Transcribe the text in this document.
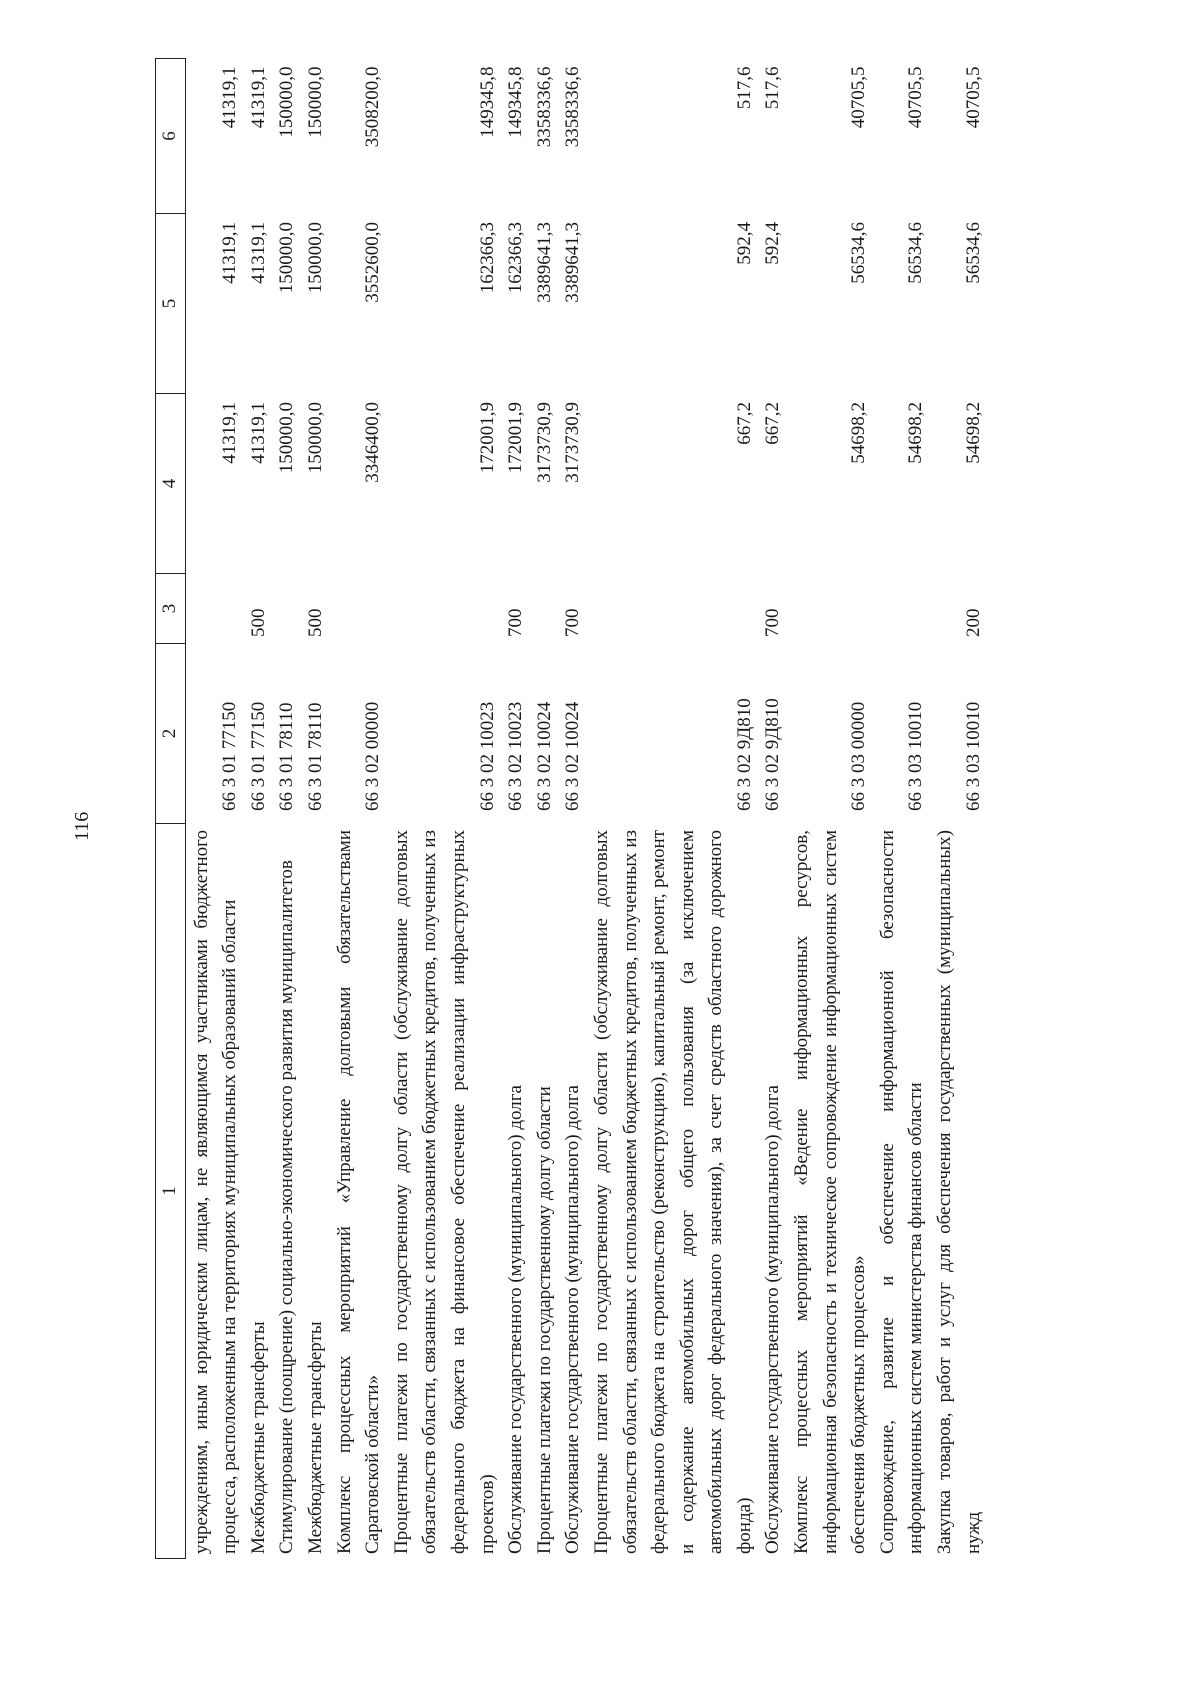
116
1	2	3	4	5	6
учреждениям, иным юридическим лицам, не являющимся участниками бюджетного процесса, расположенным на территориях муниципальных образований области	66 3 01 77150		41319,1	41319,1	41319,1
Межбюджетные трансферты	66 3 01 77150	500	41319,1	41319,1	41319,1
Стимулирование (поощрение) социально-экономического развития муниципалитетов	66 3 01 78110		150000,0	150000,0	150000,0
Межбюджетные трансферты	66 3 01 78110	500	150000,0	150000,0	150000,0
Комплекс процессных мероприятий «Управление долговыми обязательствами Саратовской области»	66 3 02 00000		3346400,0	3552600,0	3508200,0
Процентные платежи по государственному долгу области (обслуживание долговых обязательств области, связанных с использованием бюджетных кредитов, полученных из федерального бюджета на финансовое обеспечение реализации инфраструктурных проектов)	66 3 02 10023		172001,9	162366,3	149345,8
Обслуживание государственного (муниципального) долга	66 3 02 10023	700	172001,9	162366,3	149345,8
Процентные платежи по государственному долгу области	66 3 02 10024		3173730,9	3389641,3	3358336,6
Обслуживание государственного (муниципального) долга	66 3 02 10024	700	3173730,9	3389641,3	3358336,6
Процентные платежи по государственному долгу области (обслуживание долговых обязательств области, связанных с использованием бюджетных кредитов, полученных из федерального бюджета на строительство (реконструкцию), капитальный ремонт, ремонт и содержание автомобильных дорог общего пользования (за исключением автомобильных дорог федерального значения), за счет средств областного дорожного фонда)	66 3 02 9Д810		667,2	592,4	517,6
Обслуживание государственного (муниципального) долга	66 3 02 9Д810	700	667,2	592,4	517,6
Комплекс процессных мероприятий «Ведение информационных ресурсов, информационная безопасность и техническое сопровождение информационных систем обеспечения бюджетных процессов»	66 3 03 00000		54698,2	56534,6	40705,5
Сопровождение, развитие и обеспечение информационной безопасности информационных систем министерства финансов области	66 3 03 10010		54698,2	56534,6	40705,5
Закупка товаров, работ и услуг для обеспечения государственных (муниципальных) нужд	66 3 03 10010	200	54698,2	56534,6	40705,5
